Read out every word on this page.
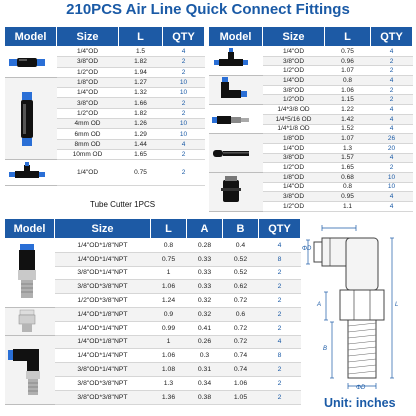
210PCS Air Line Quick Connect Fittings
Model	Size	L	QTY

	1/4"OD	1.5	4
	3/8"OD	1.82	2
	1/2"OD	1.94	2

	1/8"OD	1.27	10
	1/4"OD	1.32	10
	3/8"OD	1.66	2
	1/2"OD	1.82	2
	4mm OD	1.26	10
	6mm OD	1.29	10
	8mm OD	1.44	4
	10mm OD	1.65	2

	1/4"OD	0.75	2
Tube Cutter 1PCS
Model	Size	L	QTY

	1/4"OD	0.75	4
	3/8"OD	0.96	2
	1/2"OD	1.07	2

	1/4"OD	0.8	4
	3/8"OD	1.06	2
	1/2"OD	1.15	2

	1/4*3/8 OD	1.22	4
	1/4*5/16 OD	1.42	4
	1/4*1/8 OD	1.52	4

	1/8"OD	1.07	26
	1/4"OD	1.3	20
	3/8"OD	1.57	4
	1/2"OD	1.65	2

	1/8"OD	0.68	10
	1/4"OD	0.8	10
	3/8"OD	0.95	4
	1/2"OD	1.1	4
Model	Size	L	A	B	QTY

	1/4"OD*1/8"NPT	0.8	0.28	0.4	4
	1/4"OD*1/4"NPT	0.75	0.33	0.52	8
	3/8"OD*1/4"NPT	1	0.33	0.52	2
	3/8"OD*3/8"NPT	1.06	0.33	0.62	2
	1/2"OD*3/8"NPT	1.24	0.32	0.72	2

	1/4"OD*1/8"NPT	0.9	0.32	0.6	2
	1/4"OD*1/4"NPT	0.99	0.41	0.72	2

	1/4"OD*1/8"NPT	1	0.26	0.72	4
	1/4"OD*1/4"NPT	1.06	0.3	0.74	8
	3/8"OD*1/4"NPT	1.08	0.31	0.74	2
	3/8"OD*3/8"NPT	1.3	0.34	1.06	2
	3/8"OD*3/8"NPT	1.36	0.38	1.05	2
ΦD
L
A
B
ΦD
Unit: inches
